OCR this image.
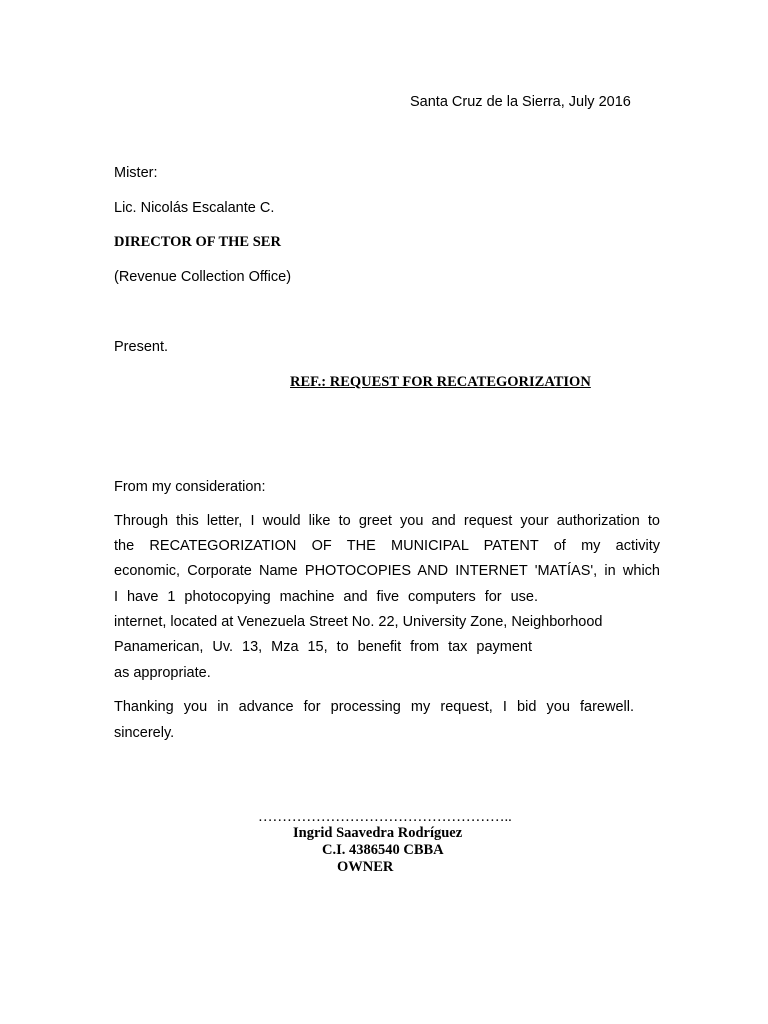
Santa Cruz de la Sierra, July 2016
Mister:
Lic. Nicolás Escalante C.
DIRECTOR OF THE SER
(Revenue Collection Office)
Present.
REF.: REQUEST FOR RECATEGORIZATION
From my consideration:
Through this letter, I would like to greet you and request your authorization to
the RECATEGORIZATION OF THE MUNICIPAL PATENT of my activity
economic, Corporate Name PHOTOCOPIES AND INTERNET 'MATÍAS', in which
I have 1 photocopying machine and five computers for use.
internet, located at Venezuela Street No. 22, University Zone, Neighborhood
Panamerican, Uv. 13, Mza 15, to benefit from tax payment
as appropriate.
Thanking you in advance for processing my request, I bid you farewell.
sincerely.
……………………………………………..
Ingrid Saavedra Rodríguez
C.I. 4386540 CBBA
OWNER
